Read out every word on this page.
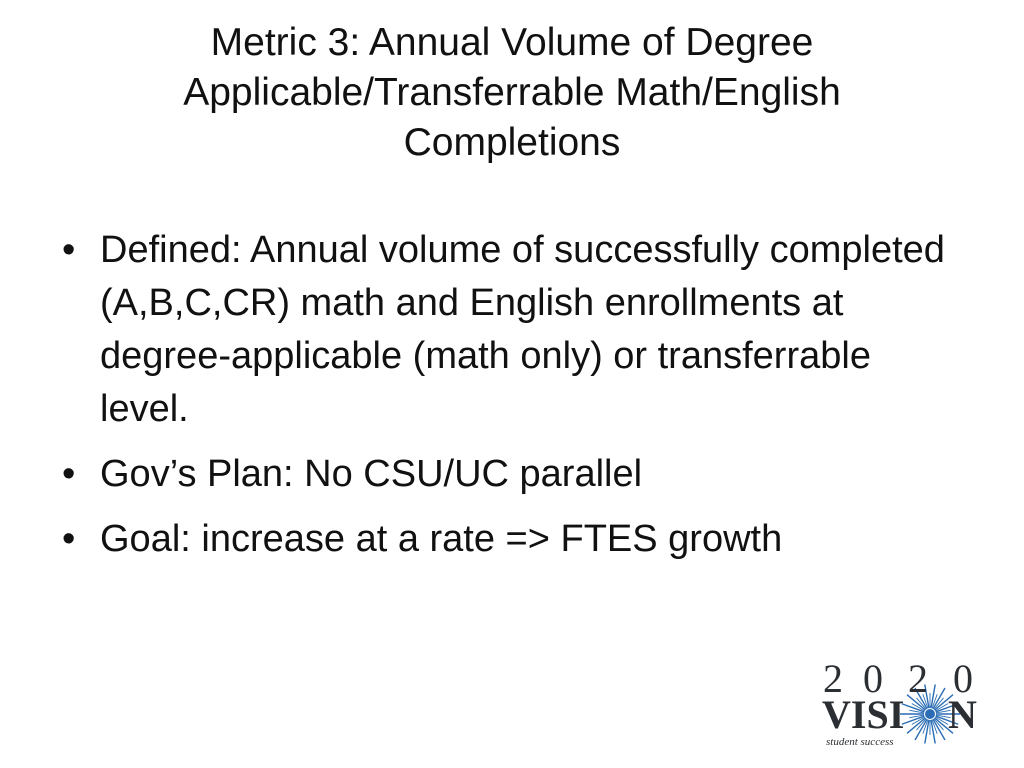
Metric 3: Annual Volume of Degree
Applicable/Transferrable Math/English
Completions
• Defined: Annual volume of successfully completed (A,B,C,CR) math and English enrollments at degree-applicable (math only) or transferrable level.
• Gov’s Plan: No CSU/UC parallel
• Goal: increase at a rate => FTES growth
2 0 2 0
VISI N
student success
